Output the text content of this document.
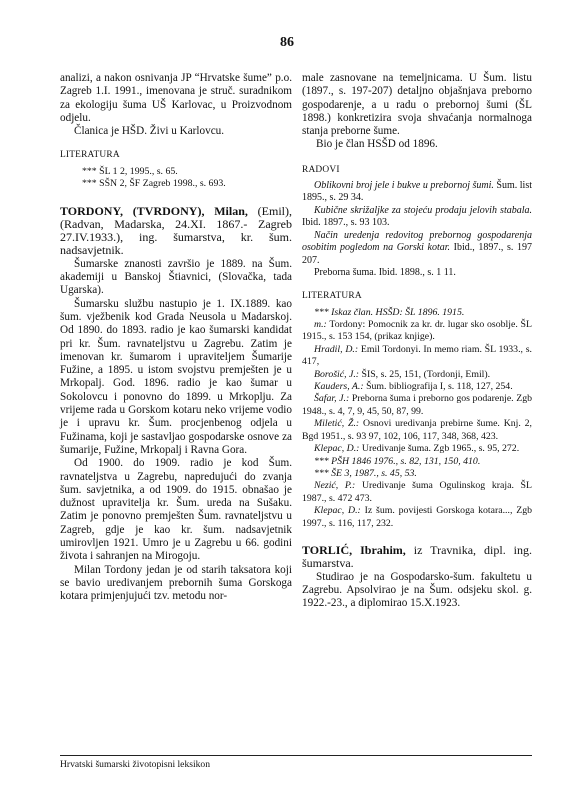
86

analizi, a nakon osnivanja JP “Hrvatske šume” p.o. Zagreb 1.I. 1991., imenovana je struč. suradnikom za ekologiju šuma UŠ Karlovac, u Proizvodnom odjelu.

Članica je HŠD. Živi u Karlovcu.

LITERATURA

*** ŠL 1 2, 1995., s. 65.

*** SŠN 2, ŠF Zagreb 1998., s. 693.

TORDONY, (TVRDONY), Milan, (Emil), (Radvan, Madarska, 24.XI. 1867.- Zagreb 27.IV.1933.), ing. šumarstva, kr. šum. nadsavjetnik.

Šumarske znanosti završio je 1889. na Šum. akademiji u Banskoj Štiavnici, (Slovačka, tada Ugarska).

Šumarsku službu nastupio je 1. IX.1889. kao šum. vježbenik kod Grada Neusola u Madarskoj. Od 1890. do 1893. radio je kao šumarski kandidat pri kr. Šum. ravnateljstvu u Zagrebu. Zatim je imenovan kr. šumarom i upraviteljem Šumarije Fužine, a 1895. u istom svojstvu premješten je u Mrkopalj. God. 1896. radio je kao šumar u Sokolovcu i ponovno do 1899. u Mrkoplju. Za vrijeme rada u Gorskom kotaru neko vrijeme vodio je i upravu kr. Šum. procjenbenog odjela u Fužinama, koji je sastavljao gospodarske osnove za šumarije, Fužine, Mrkopalj i Ravna Gora.

Od 1900. do 1909. radio je kod Šum. ravnateljstva u Zagrebu, napredujući do zvanja šum. savjetnika, a od 1909. do 1915. obnašao je dužnost upravitelja kr. Šum. ureda na Sušaku. Zatim je ponovno premješten Šum. ravnateljstvu u Zagreb, gdje je kao kr. šum. nadsavjetnik umirovljen 1921. Umro je u Zagrebu u 66. godini života i sahranjen na Mirogoju.

Milan Tordony jedan je od starih taksatora koji se bavio uredivanjem prebornih šuma Gorskoga kotara primjenjujući tzv. metodu nor-

male zasnovane na temeljnicama. U Šum. listu (1897., s. 197-207) detaljno objašnjava preborno gospodarenje, a u radu o prebornoj šumi (ŠL 1898.) konkretizira svoja shvaćanja normalnoga stanja preborne šume.

Bio je član HSŠD od 1896.

RADOVI

Oblikovni broj jele i bukve u prebornoj šumi. Šum. list 1895., s. 29 34.

Kubične skrižaljke za stojeću prodaju jelovih stabala. Ibid. 1897., s. 93 103.

Način uredenja redovitog prebornog gospodarenja osobitim pogledom na Gorski kotar. Ibid., 1897., s. 197 207.

Preborna šuma. Ibid. 1898., s. 1 11.

LITERATURA

*** Iskaz član. HSŠD: ŠL 1896. 1915.

m.: Tordony: Pomocnik za kr. dr. lugar sko osoblje. ŠL 1915., s. 153 154, (prikaz knjige).

Hradil, D.: Emil Tordonyi. In memo riam. ŠL 1933., s. 417,

Borošić, J.: ŠIS, s. 25, 151, (Tordonji, Emil).

Kauders, A.: Šum. bibliografija I, s. 118, 127, 254.

Šafar, J.: Preborna šuma i preborno gos podarenje. Zgb 1948., s. 4, 7, 9, 45, 50, 87, 99.

Miletić, Ž.: Osnovi uredivanja prebirne šume. Knj. 2, Bgd 1951., s. 93 97, 102, 106, 117, 348, 368, 423.

Klepac, D.: Uredivanje šuma. Zgb 1965., s. 95, 272.

*** PŠH 1846 1976., s. 82, 131, 150, 410.

*** ŠE 3, 1987., s. 45, 53.

Nezić, P.: Uredivanje šuma Ogulinskog kraja. ŠL 1987., s. 472 473.

Klepac, D.: Iz šum. povijesti Gorskoga kotara..., Zgb 1997., s. 116, 117, 232.

TORLIĆ, Ibrahim, iz Travnika, dipl. ing. šumarstva.

Studirao je na Gospodarsko-šum. fakultetu u Zagrebu. Apsolvirao je na Šum. odsjeku skol. g. 1922.-23., a diplomirao 15.X.1923.

Hrvatski šumarski životopisni leksikon
